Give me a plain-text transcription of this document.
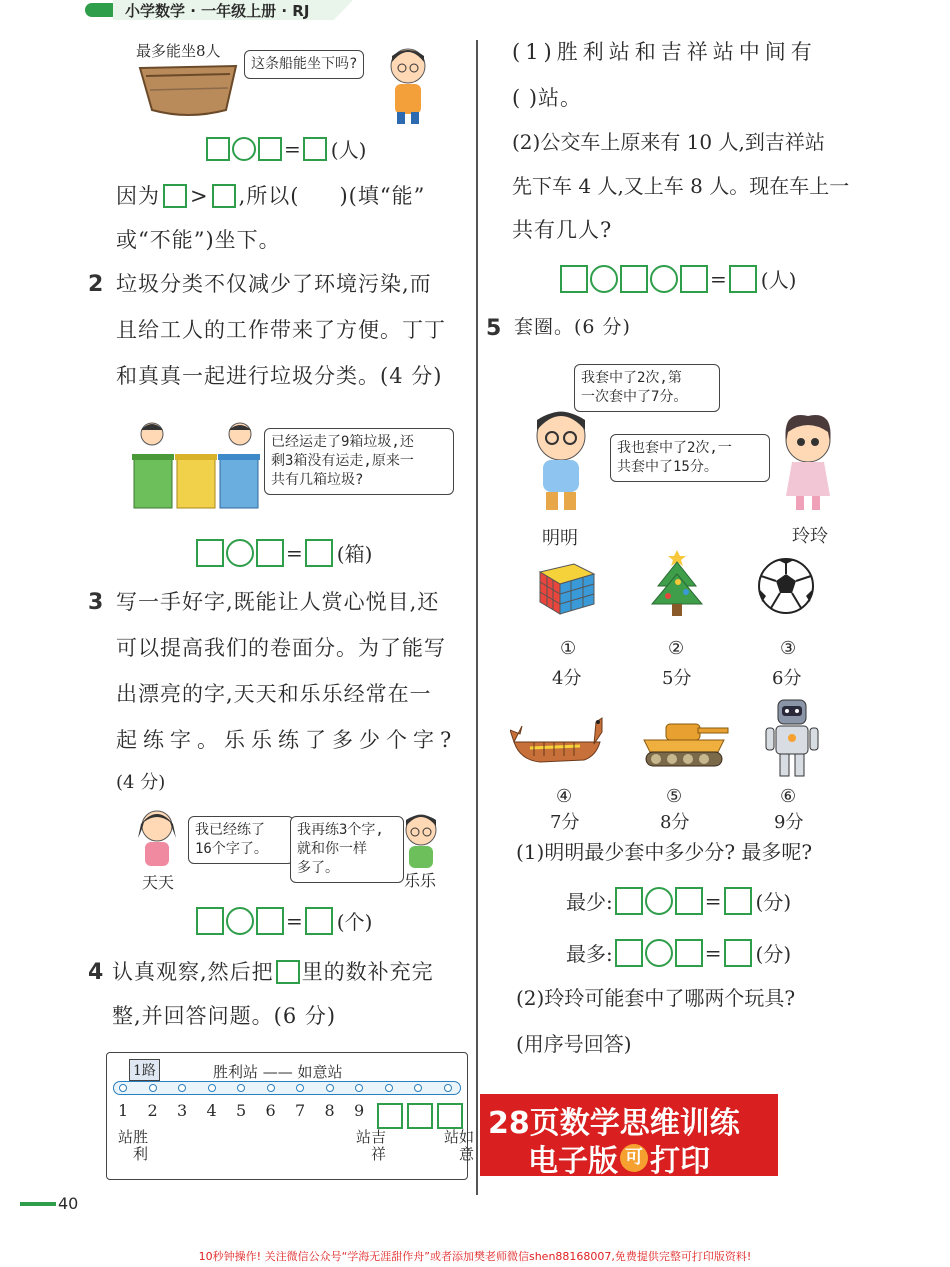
小学数学 · 一年级上册 · RJ
最多能坐8人
这条船能坐下吗?
= (人)
因为 > ,所以( )(填“能”
或“不能”)坐下。
2 垃圾分类不仅减少了环境污染,而
且给工人的工作带来了方便。丁丁
和真真一起进行垃圾分类。(4 分)
已经运走了9箱垃圾,还
剩3箱没有运走,原来一
共有几箱垃圾?
= (箱)
3 写一手好字,既能让人赏心悦目,还
可以提高我们的卷面分。为了能写
出漂亮的字,天天和乐乐经常在一
起练字。乐乐练了多少个字?
(4 分)
我已经练了
16个字了。
我再练3个字,
就和你一样
多了。
天天	乐乐
= (个)
4 认真观察,然后把 里的数补充完
整,并回答问题。(6 分)
1路	胜利站 —— 如意站
1 2 3 4 5 6 7 8 9
胜利站	吉祥站	如意站
40
(1)胜利站和吉祥站中间有
( )站。
(2)公交车上原来有 10 人,到吉祥站
先下车 4 人,又上车 8 人。现在车上一
共有几人?
= (人)
5 套圈。(6 分)
我套中了2次,第
一次套中了7分。
我也套中了2次,一
共套中了15分。
明明	玲玲
①	②	③
4分	5分	6分
④	⑤	⑥
7分	8分	9分
(1)明明最少套中多少分? 最多呢?
最少:	= (分)
最多:	= (分)
(2)玲玲可能套中了哪两个玩具?
(用序号回答)
28页数学思维训练
电子版 可 打印
10秒钟操作! 关注微信公众号“学海无涯甜作舟”或者添加樊老师微信shen88168007,免费提供完整可打印版资料!
